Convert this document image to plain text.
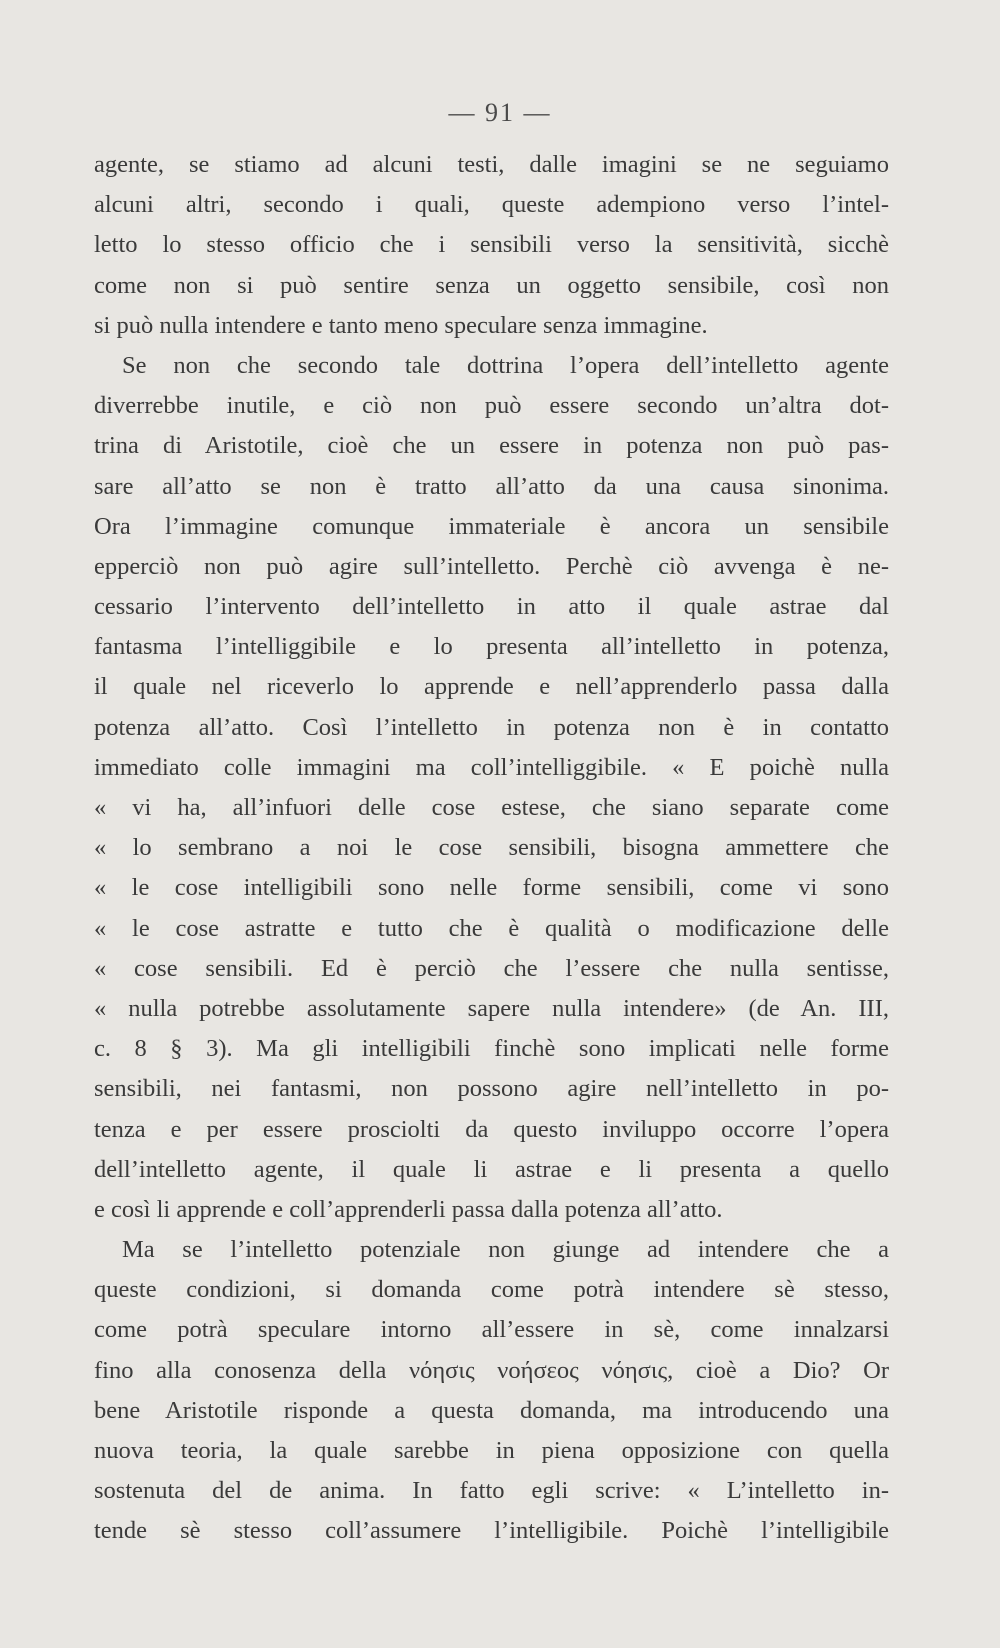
— 91 —
agente, se stiamo ad alcuni testi, dalle imagini se ne seguiamo
alcuni altri, secondo i quali, queste adempiono verso l’intel-
letto lo stesso officio che i sensibili verso la sensitività, sicchè
come non si può sentire senza un oggetto sensibile, così non
si può nulla intendere e tanto meno speculare senza immagine.
Se non che secondo tale dottrina l’opera dell’intelletto agente
diverrebbe inutile, e ciò non può essere secondo un’altra dot-
trina di Aristotile, cioè che un essere in potenza non può pas-
sare all’atto se non è tratto all’atto da una causa sinonima.
Ora l’immagine comunque immateriale è ancora un sensibile
epperciò non può agire sull’intelletto. Perchè ciò avvenga è ne-
cessario l’intervento dell’intelletto in atto il quale astrae dal
fantasma l’intelliggibile e lo presenta all’intelletto in potenza,
il quale nel riceverlo lo apprende e nell’apprenderlo passa dalla
potenza all’atto. Così l’intelletto in potenza non è in contatto
immediato colle immagini ma coll’intelliggibile. « E poichè nulla
« vi ha, all’infuori delle cose estese, che siano separate come
« lo sembrano a noi le cose sensibili, bisogna ammettere che
« le cose intelligibili sono nelle forme sensibili, come vi sono
« le cose astratte e tutto che è qualità o modificazione delle
« cose sensibili. Ed è perciò che l’essere che nulla sentisse,
« nulla potrebbe assolutamente sapere nulla intendere» (de An. III,
c. 8 § 3). Ma gli intelligibili finchè sono implicati nelle forme
sensibili, nei fantasmi, non possono agire nell’intelletto in po-
tenza e per essere prosciolti da questo inviluppo occorre l’opera
dell’intelletto agente, il quale li astrae e li presenta a quello
e così li apprende e coll’apprenderli passa dalla potenza all’atto.
Ma se l’intelletto potenziale non giunge ad intendere che a
queste condizioni, si domanda come potrà intendere sè stesso,
come potrà speculare intorno all’essere in sè, come innalzarsi
fino alla conosenza della νόησις νοήσεος νόησις, cioè a Dio? Or
bene Aristotile risponde a questa domanda, ma introducendo una
nuova teoria, la quale sarebbe in piena opposizione con quella
sostenuta del de anima. In fatto egli scrive: « L’intelletto in-
tende sè stesso coll’assumere l’intelligibile. Poichè l’intelligibile
